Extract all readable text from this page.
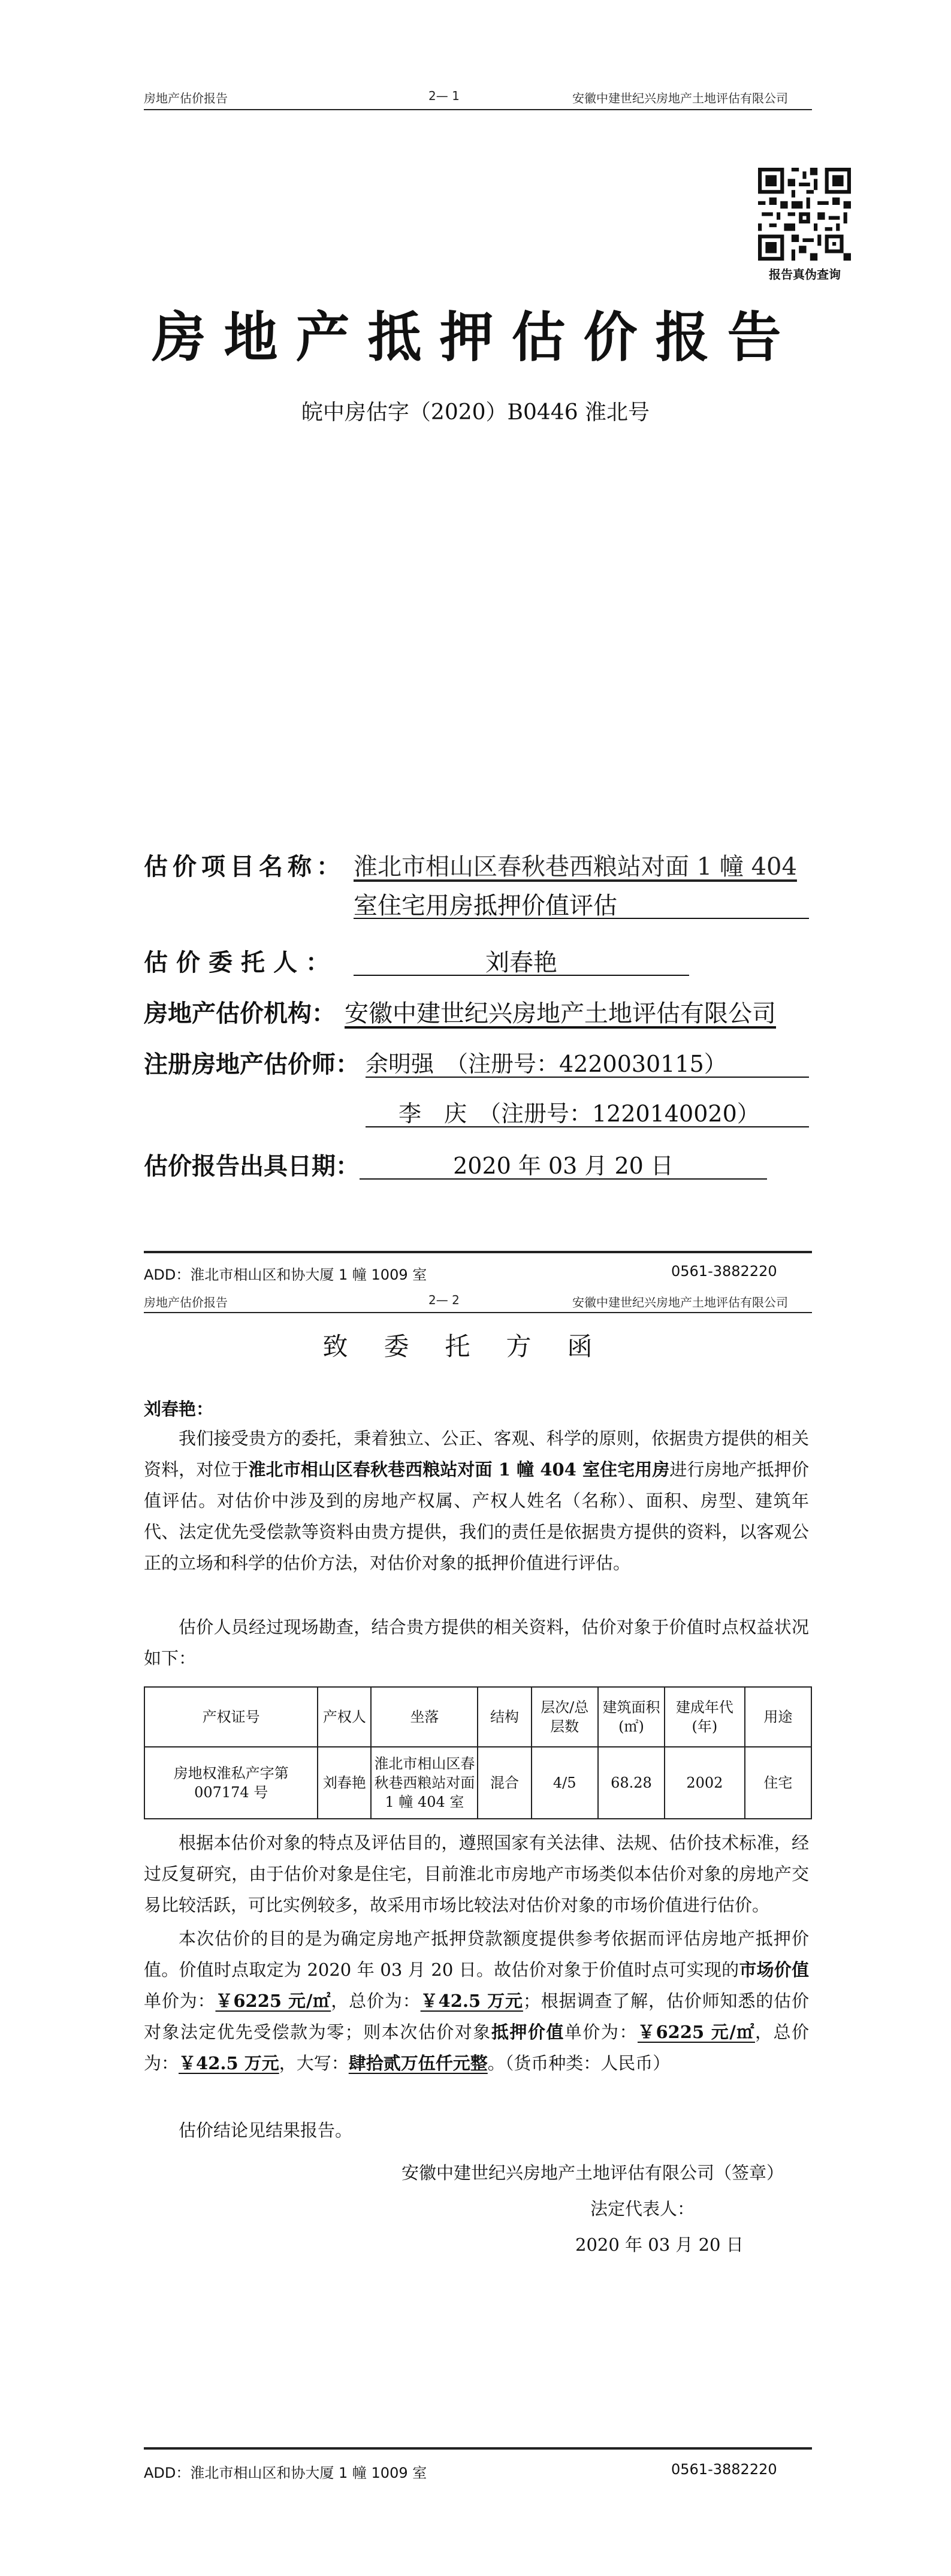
房地产估价报告	2— 1	安徽中建世纪兴房地产土地评估有限公司
报告真伪查询
房地产抵押估价报告
皖中房估字（2020）B0446 淮北号
估价项目名称： 淮北市相山区春秋巷西粮站对面 1 幢 404
室住宅用房抵押价值评估
估价委托人：	刘春艳
房地产估价机构： 安徽中建世纪兴房地产土地评估有限公司
注册房地产估价师： 余明强　（注册号：4220030115）
李　庆　（注册号：1220140020）
估价报告出具日期：	2020 年 03 月 20 日
ADD：淮北市相山区和协大厦 1 幢 1009 室	0561-3882220
房地产估价报告	2— 2	安徽中建世纪兴房地产土地评估有限公司
致委托方函
刘春艳：
我们接受贵方的委托，秉着独立、公正、客观、科学的原则，依据贵方提供的相关资料，对位于淮北市相山区春秋巷西粮站对面 1 幢 404 室住宅用房进行房地产抵押价值评估。对估价中涉及到的房地产权属、产权人姓名（名称）、面积、房型、建筑年代、法定优先受偿款等资料由贵方提供，我们的责任是依据贵方提供的资料，以客观公正的立场和科学的估价方法，对估价对象的抵押价值进行评估。
估价人员经过现场勘查，结合贵方提供的相关资料，估价对象于价值时点权益状况如下：
产权证号	产权人	坐落	结构	层次/总层数	建筑面积(㎡)	建成年代(年)	用途
房地权淮私产字第 007174 号	刘春艳	淮北市相山区春秋巷西粮站对面 1 幢 404 室	混合	4/5	68.28	2002	住宅
根据本估价对象的特点及评估目的，遵照国家有关法律、法规、估价技术标准，经过反复研究，由于估价对象是住宅，目前淮北市房地产市场类似本估价对象的房地产交易比较活跃，可比实例较多，故采用市场比较法对估价对象的市场价值进行估价。
本次估价的目的是为确定房地产抵押贷款额度提供参考依据而评估房地产抵押价值。价值时点取定为 2020 年 03 月 20 日。故估价对象于价值时点可实现的市场价值单价为：￥6225 元/㎡，总价为：￥42.5 万元；根据调查了解，估价师知悉的估价对象法定优先受偿款为零；则本次估价对象抵押价值单价为：￥6225 元/㎡，总价为：￥42.5 万元，大写：肆拾贰万伍仟元整。（货币种类：人民币）
估价结论见结果报告。
安徽中建世纪兴房地产土地评估有限公司（签章）
法定代表人：
2020 年 03 月 20 日
ADD：淮北市相山区和协大厦 1 幢 1009 室	0561-3882220
